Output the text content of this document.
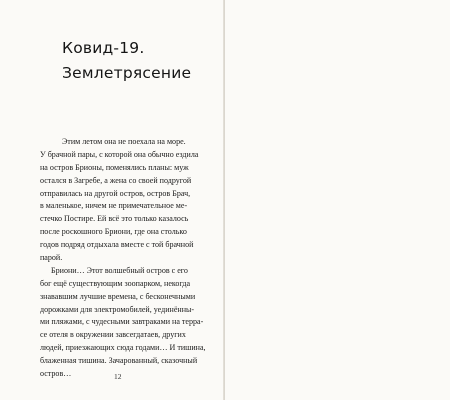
Ковид-19.
Землетрясение
Этим летом она не поехала на море.
У брачной пары, с которой она обычно ездила
на остров Брионы, поменялись планы: муж
остался в Загребе, а жена со своей подругой
отправилась на другой остров, остров Брач,
в маленькое, ничем не примечательное ме-
стечко Постире. Ей всё это только казалось
после роскошного Бриони, где она столько
годов подряд отдыхала вместе с той брачной
парой.
Бриони… Этот волшебный остров с его
бог ещё существующим зоопарком, некогда
знававшим лучшие времена, с бесконечными
дорожками для электромобилей, уединённы-
ми пляжами, с чудесными завтраками на терра-
се отеля в окружении завсегдатаев, других
людей, приезжающих сюда годами… И тишина,
блаженная тишина. Зачарованный, сказочный
остров…	12
